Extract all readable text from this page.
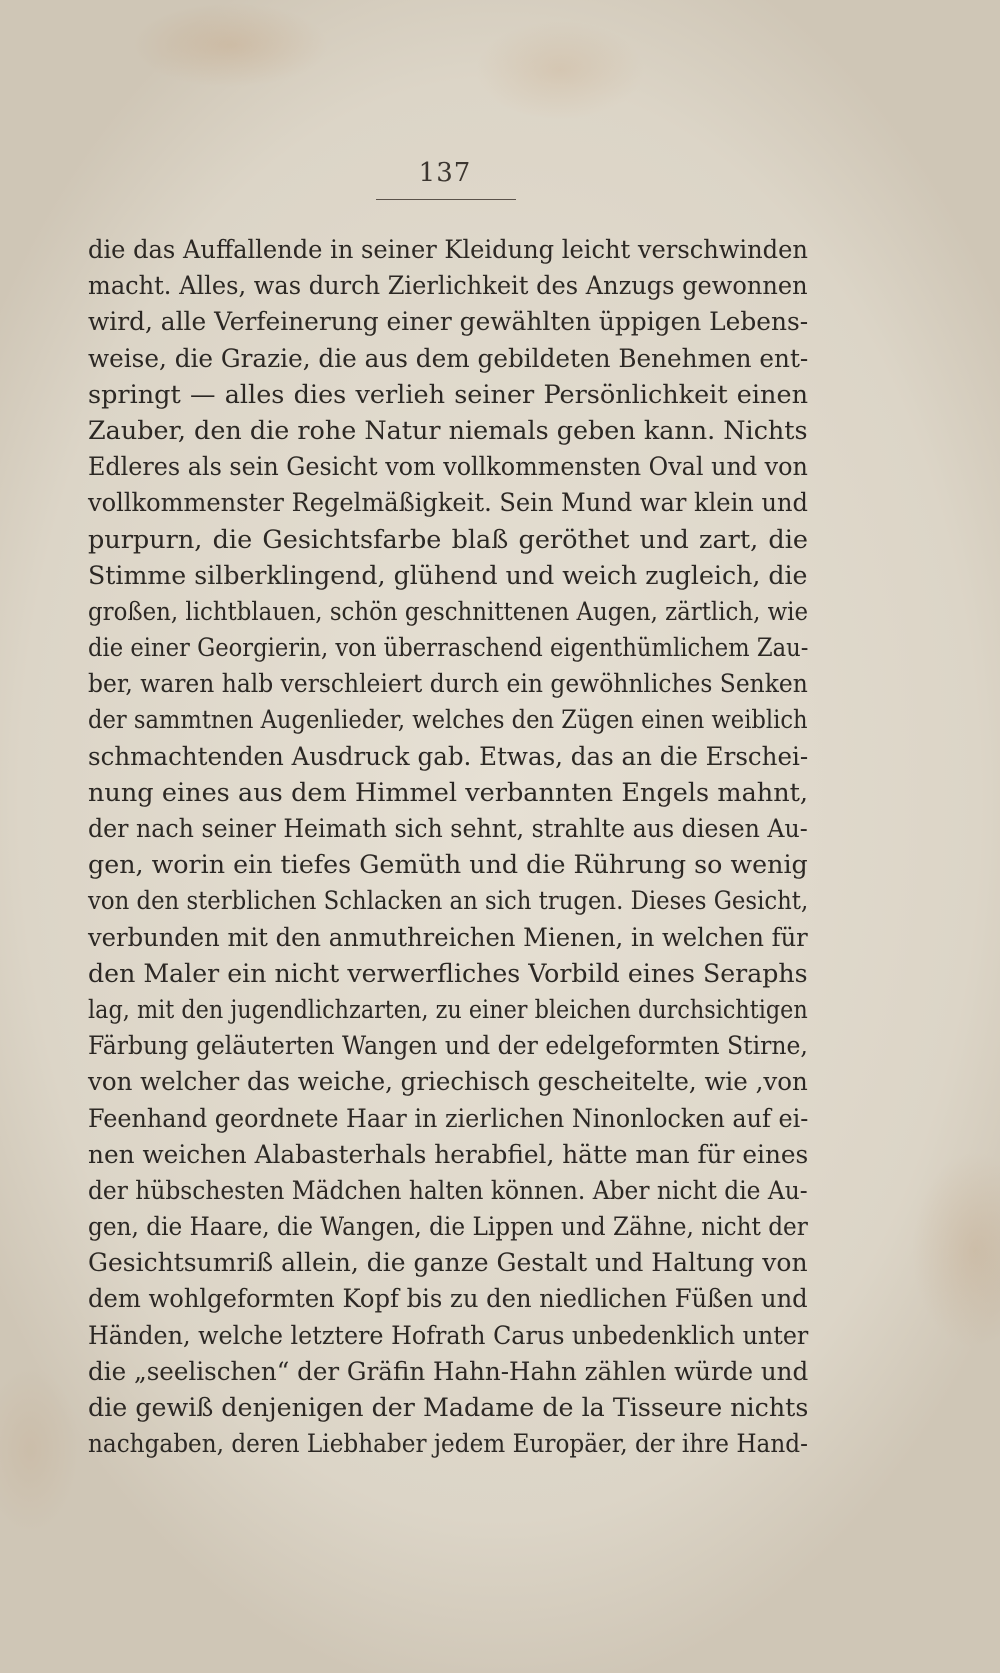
137
die das Auffallende in seiner Kleidung leicht verschwinden
macht. Alles, was durch Zierlichkeit des Anzugs gewonnen
wird, alle Verfeinerung einer gewählten üppigen Lebens-
weise, die Grazie, die aus dem gebildeten Benehmen ent-
springt — alles dies verlieh seiner Persönlichkeit einen
Zauber, den die rohe Natur niemals geben kann. Nichts
Edleres als sein Gesicht vom vollkommensten Oval und von
vollkommenster Regelmäßigkeit. Sein Mund war klein und
purpurn, die Gesichtsfarbe blaß geröthet und zart, die
Stimme silberklingend, glühend und weich zugleich, die
großen, lichtblauen, schön geschnittenen Augen, zärtlich, wie
die einer Georgierin, von überraschend eigenthümlichem Zau-
ber, waren halb verschleiert durch ein gewöhnliches Senken
der sammtnen Augenlieder, welches den Zügen einen weiblich
schmachtenden Ausdruck gab. Etwas, das an die Erschei-
nung eines aus dem Himmel verbannten Engels mahnt,
der nach seiner Heimath sich sehnt, strahlte aus diesen Au-
gen, worin ein tiefes Gemüth und die Rührung so wenig
von den sterblichen Schlacken an sich trugen. Dieses Gesicht,
verbunden mit den anmuthreichen Mienen, in welchen für
den Maler ein nicht verwerfliches Vorbild eines Seraphs
lag, mit den jugendlichzarten, zu einer bleichen durchsichtigen
Färbung geläuterten Wangen und der edelgeformten Stirne,
von welcher das weiche, griechisch gescheitelte, wie ,von
Feenhand geordnete Haar in zierlichen Ninonlocken auf ei-
nen weichen Alabasterhals herabfiel, hätte man für eines
der hübschesten Mädchen halten können. Aber nicht die Au-
gen, die Haare, die Wangen, die Lippen und Zähne, nicht der
Gesichtsumriß allein, die ganze Gestalt und Haltung von
dem wohlgeformten Kopf bis zu den niedlichen Füßen und
Händen, welche letztere Hofrath Carus unbedenklich unter
die „seelischen“ der Gräfin Hahn-Hahn zählen würde und
die gewiß denjenigen der Madame de la Tisseure nichts
nachgaben, deren Liebhaber jedem Europäer, der ihre Hand-
